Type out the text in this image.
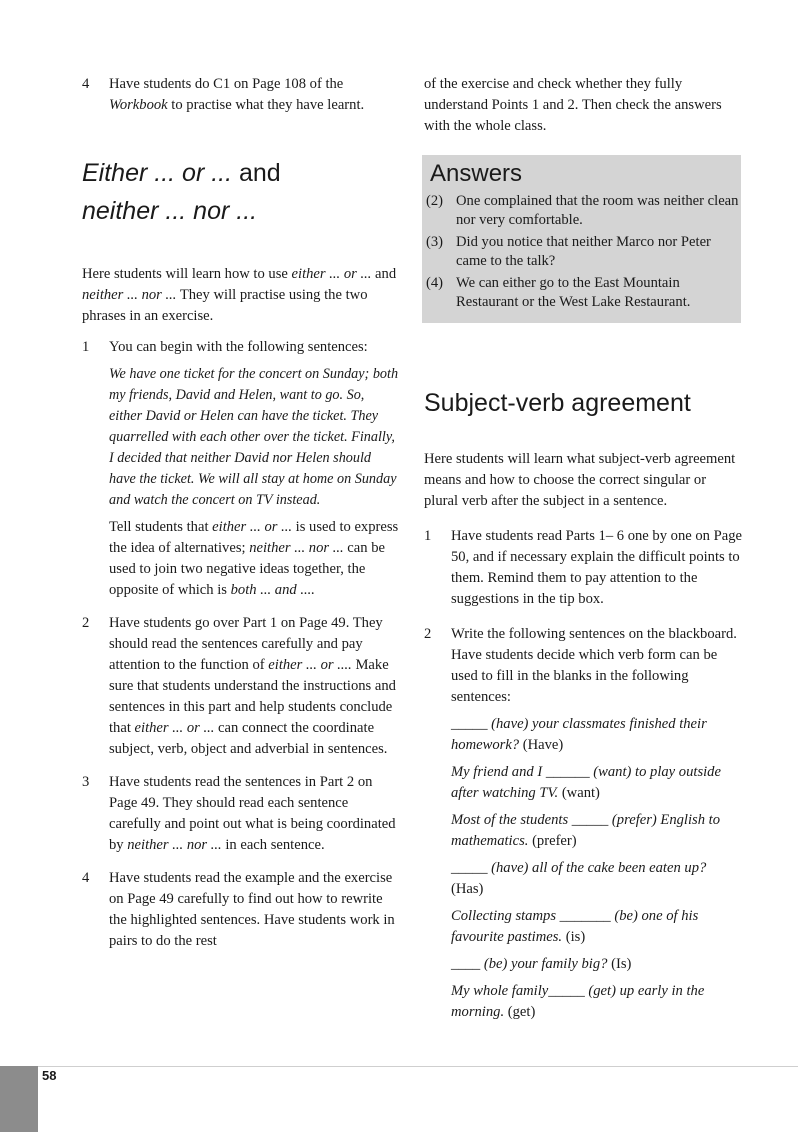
4 Have students do C1 on Page 108 of the Workbook to practise what they have learnt.

Either ... or ... and
neither ... nor ...

Here students will learn how to use either ... or ... and neither ... nor ... They will practise using the two phrases in an exercise.

1 You can begin with the following sentences:

We have one ticket for the concert on Sunday; both my friends, David and Helen, want to go. So, either David or Helen can have the ticket. They quarrelled with each other over the ticket. Finally, I decided that neither David nor Helen should have the ticket. We will all stay at home on Sunday and watch the concert on TV instead.

Tell students that either ... or ... is used to express the idea of alternatives; neither ... nor ... can be used to join two negative ideas together, the opposite of which is both ... and ....

2 Have students go over Part 1 on Page 49. They should read the sentences carefully and pay attention to the function of either ... or .... Make sure that students understand the instructions and sentences in this part and help students conclude that either ... or ... can connect the coordinate subject, verb, object and adverbial in sentences.

3 Have students read the sentences in Part 2 on Page 49. They should read each sentence carefully and point out what is being coordinated by neither ... nor ... in each sentence.

4 Have students read the example and the exercise on Page 49 carefully to find out how to rewrite the highlighted sentences. Have students work in pairs to do the rest

of the exercise and check whether they fully understand Points 1 and 2. Then check the answers with the whole class.

Answers
(2) One complained that the room was neither clean nor very comfortable.

(3) Did you notice that neither Marco nor Peter came to the talk?

(4) We can either go to the East Mountain Restaurant or the West Lake Restaurant.

Subject-verb agreement

Here students will learn what subject-verb agreement means and how to choose the correct singular or plural verb after the subject in a sentence.

1 Have students read Parts 1– 6 one by one on Page 50, and if necessary explain the difficult points to them. Remind them to pay attention to the suggestions in the tip box.

2 Write the following sentences on the blackboard. Have students decide which verb form can be used to fill in the blanks in the following sentences:

_____ (have) your classmates finished their homework? (Have)

My friend and I ______ (want) to play outside after watching TV. (want)

Most of the students _____ (prefer) English to mathematics. (prefer)

_____ (have) all of the cake been eaten up? (Has)

Collecting stamps _______ (be) one of his favourite pastimes. (is)

____ (be) your family big? (Is)

My whole family_____ (get) up early in the morning. (get)

58
